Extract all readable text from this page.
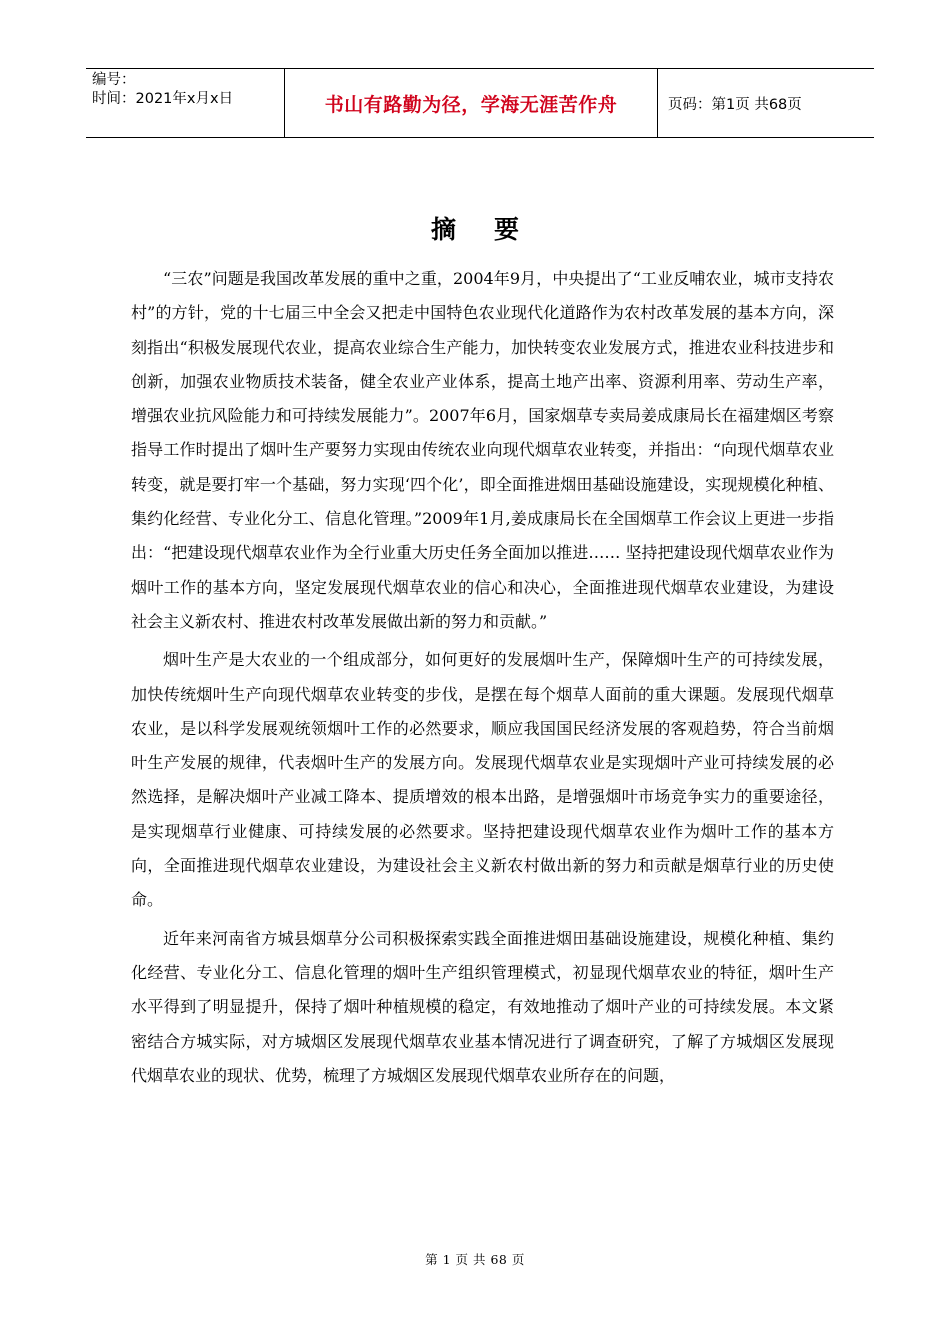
编号：
时间：2021年x月x日	书山有路勤为径，学海无涯苦作舟	页码：第1页 共68页
摘要

“三农”问题是我国改革发展的重中之重，2004年9月，中央提出了“工业反哺农业，城市支持农村”的方针，党的十七届三中全会又把走中国特色农业现代化道路作为农村改革发展的基本方向，深刻指出“积极发展现代农业，提高农业综合生产能力，加快转变农业发展方式，推进农业科技进步和创新，加强农业物质技术装备，健全农业产业体系，提高土地产出率、资源利用率、劳动生产率，增强农业抗风险能力和可持续发展能力”。2007年6月，国家烟草专卖局姜成康局长在福建烟区考察指导工作时提出了烟叶生产要努力实现由传统农业向现代烟草农业转变，并指出：“向现代烟草农业转变，就是要打牢一个基础，努力实现‘四个化’，即全面推进烟田基础设施建设，实现规模化种植、集约化经营、专业化分工、信息化管理。”2009年1月,姜成康局长在全国烟草工作会议上更进一步指出：“把建设现代烟草农业作为全行业重大历史任务全面加以推进…… 坚持把建设现代烟草农业作为烟叶工作的基本方向，坚定发展现代烟草农业的信心和决心，全面推进现代烟草农业建设，为建设社会主义新农村、推进农村改革发展做出新的努力和贡献。”

烟叶生产是大农业的一个组成部分，如何更好的发展烟叶生产，保障烟叶生产的可持续发展，加快传统烟叶生产向现代烟草农业转变的步伐，是摆在每个烟草人面前的重大课题。发展现代烟草农业，是以科学发展观统领烟叶工作的必然要求，顺应我国国民经济发展的客观趋势，符合当前烟叶生产发展的规律，代表烟叶生产的发展方向。发展现代烟草农业是实现烟叶产业可持续发展的必然选择，是解决烟叶产业减工降本、提质增效的根本出路，是增强烟叶市场竞争实力的重要途径，是实现烟草行业健康、可持续发展的必然要求。坚持把建设现代烟草农业作为烟叶工作的基本方向，全面推进现代烟草农业建设，为建设社会主义新农村做出新的努力和贡献是烟草行业的历史使命。

近年来河南省方城县烟草分公司积极探索实践全面推进烟田基础设施建设，规模化种植、集约化经营、专业化分工、信息化管理的烟叶生产组织管理模式，初显现代烟草农业的特征，烟叶生产水平得到了明显提升，保持了烟叶种植规模的稳定，有效地推动了烟叶产业的可持续发展。本文紧密结合方城实际，对方城烟区发展现代烟草农业基本情况进行了调查研究，了解了方城烟区发展现代烟草农业的现状、优势，梳理了方城烟区发展现代烟草农业所存在的问题，

第 1 页 共 68 页
